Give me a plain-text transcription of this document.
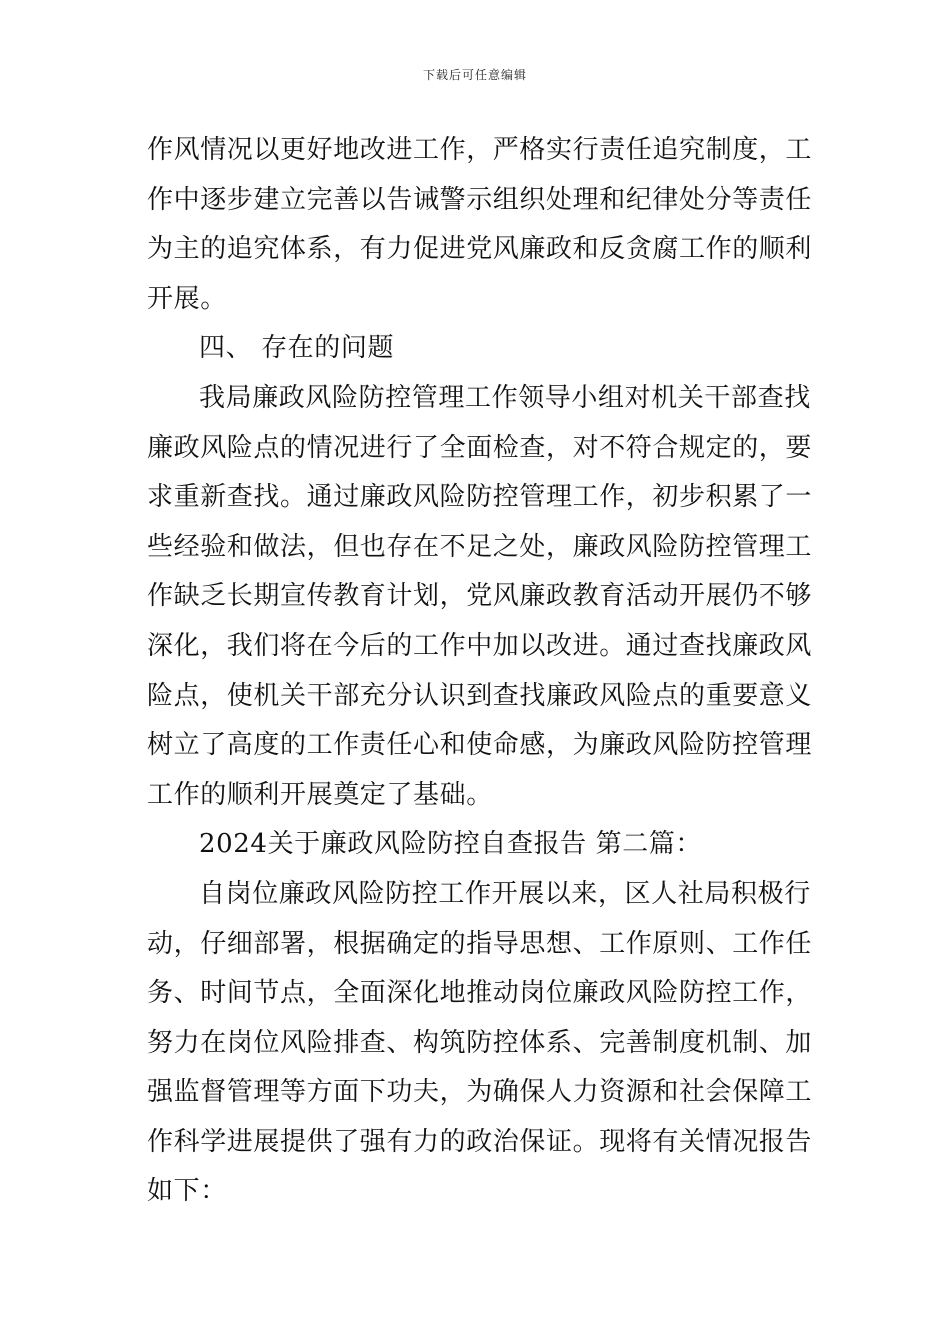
下载后可任意编辑
作风情况以更好地改进工作，严格实行责任追究制度，工
作中逐步建立完善以告诫警示组织处理和纪律处分等责任
为主的追究体系，有力促进党风廉政和反贪腐工作的顺利
开展。
四、 存在的问题
我局廉政风险防控管理工作领导小组对机关干部查找
廉政风险点的情况进行了全面检查，对不符合规定的，要
求重新查找。通过廉政风险防控管理工作，初步积累了一
些经验和做法，但也存在不足之处，廉政风险防控管理工
作缺乏长期宣传教育计划，党风廉政教育活动开展仍不够
深化，我们将在今后的工作中加以改进。通过查找廉政风
险点，使机关干部充分认识到查找廉政风险点的重要意义
树立了高度的工作责任心和使命感，为廉政风险防控管理
工作的顺利开展奠定了基础。
2024关于廉政风险防控自查报告 第二篇：
自岗位廉政风险防控工作开展以来，区人社局积极行
动，仔细部署，根据确定的指导思想、工作原则、工作任
务、时间节点，全面深化地推动岗位廉政风险防控工作，
努力在岗位风险排查、构筑防控体系、完善制度机制、加
强监督管理等方面下功夫，为确保人力资源和社会保障工
作科学进展提供了强有力的政治保证。现将有关情况报告
如下：
